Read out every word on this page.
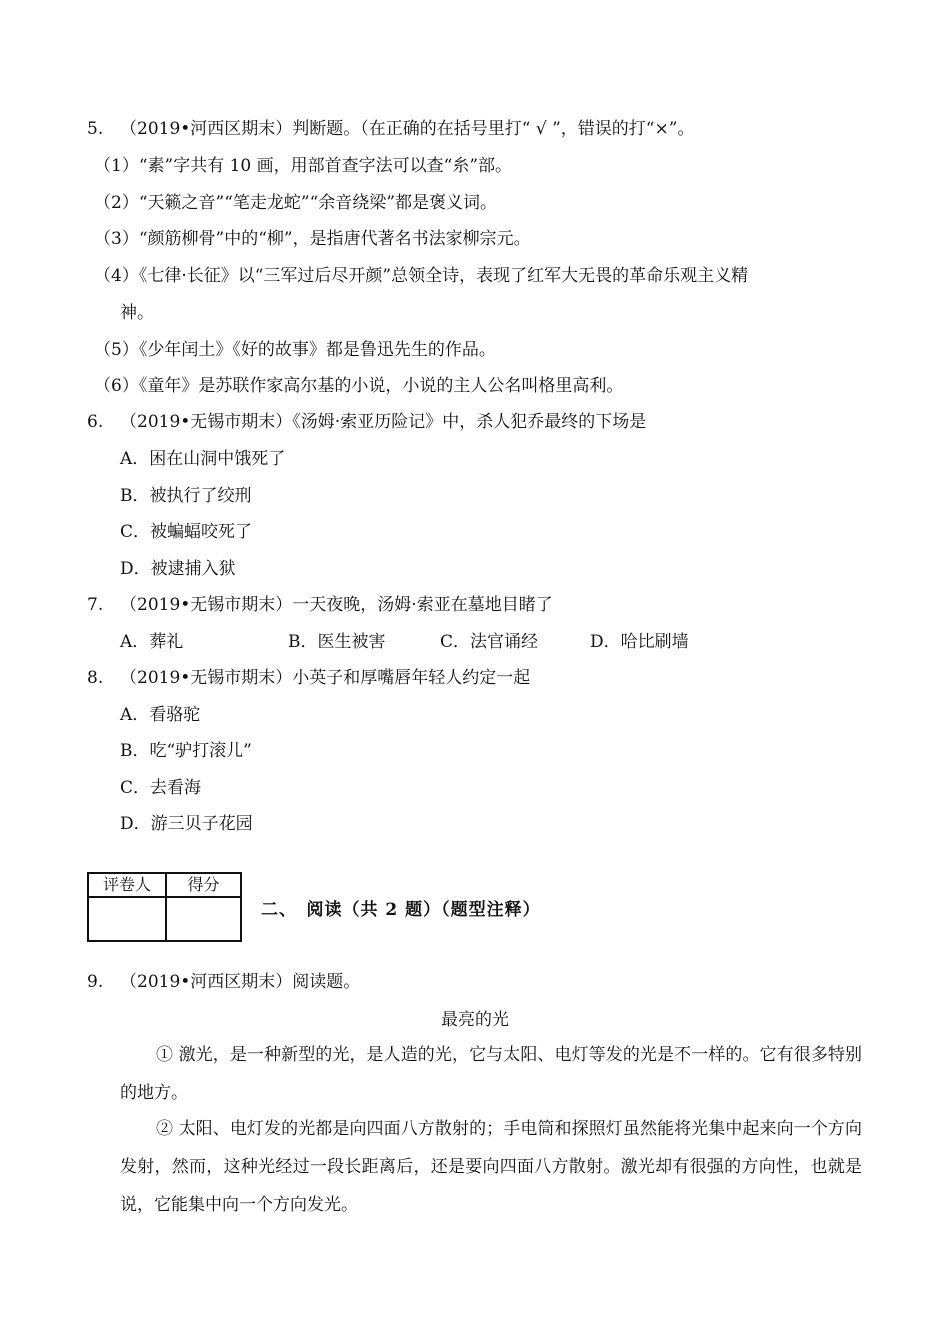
5. （2019•河西区期末）判断题。（在正确的在括号里打“ √ ”，错误的打“×”。
（1）“素”字共有 10 画，用部首查字法可以查“糸”部。
（2）“天籁之音”“笔走龙蛇”“余音绕梁”都是褒义词。
（3）“颜筋柳骨”中的“柳”，是指唐代著名书法家柳宗元。
（4）《七律·长征》以“三军过后尽开颜”总领全诗，表现了红军大无畏的革命乐观主义精
神。
（5）《少年闰土》《好的故事》都是鲁迅先生的作品。
（6）《童年》是苏联作家高尔基的小说，小说的主人公名叫格里高利。
6. （2019•无锡市期末）《汤姆·索亚历险记》中，杀人犯乔最终的下场是
A．困在山洞中饿死了
B．被执行了绞刑
C．被蝙蝠咬死了
D．被逮捕入狱
7. （2019•无锡市期末）一天夜晚，汤姆·索亚在墓地目睹了
A．葬礼	B．医生被害	C．法官诵经	D．哈比刷墙
8. （2019•无锡市期末）小英子和厚嘴唇年轻人约定一起
A．看骆驼
B．吃“驴打滚儿”
C．去看海
D．游三贝子花园
评卷人	得分
二、　阅读（共 2 题）（题型注释）
9. （2019•河西区期末）阅读题。
最亮的光
① 激光，是一种新型的光，是人造的光，它与太阳、电灯等发的光是不一样的。它有很多特别的地方。
② 太阳、电灯发的光都是向四面八方散射的；手电筒和探照灯虽然能将光集中起来向一个方向发射，然而，这种光经过一段长距离后，还是要向四面八方散射。激光却有很强的方向性，也就是说，它能集中向一个方向发光。
